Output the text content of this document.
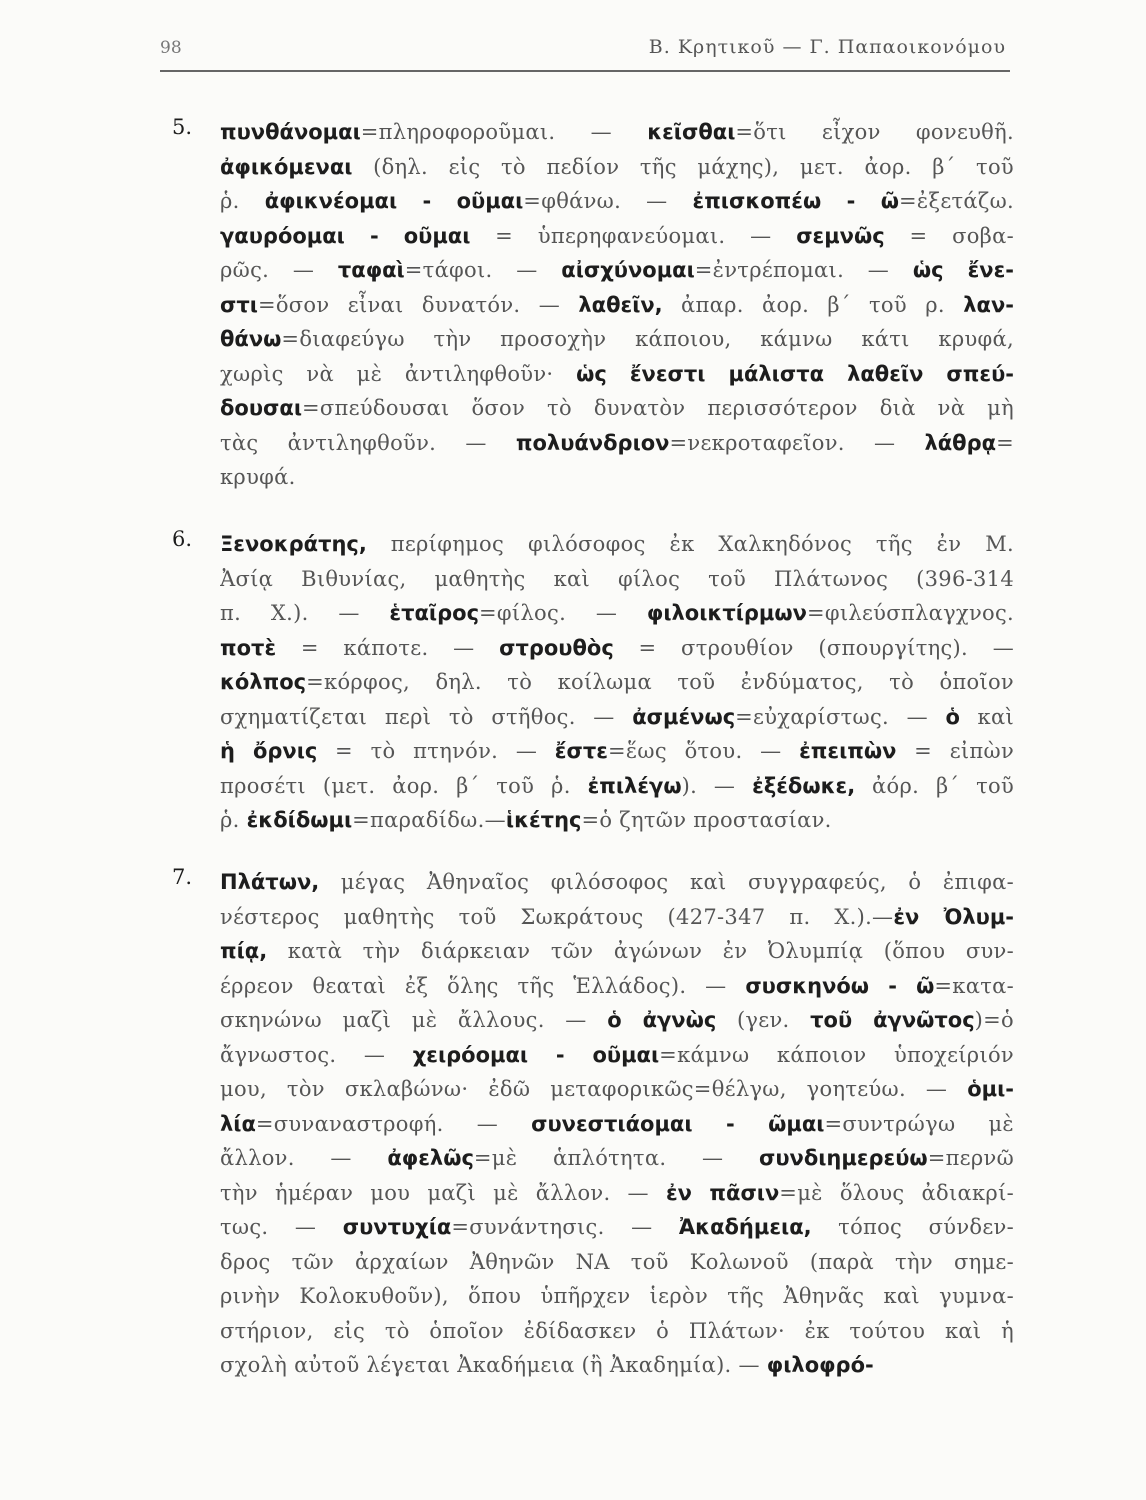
98	Β. Κρητικοῦ — Γ. Παπαοικονόμου
5. πυνθάνομαι=πληροφοροῦμαι. — κεῖσθαι=ὅτι εἶχον φονευθῆ.
ἀφικόμεναι (δηλ. εἰς τὸ πεδίον τῆς μάχης), μετ. ἀορ. β΄ τοῦ
ῥ. ἀφικνέομαι - οῦμαι=φθάνω. — ἐπισκοπέω - ῶ=ἐξετάζω.
γαυρόομαι - οῦμαι = ὑπερηφανεύομαι. — σεμνῶς = σοβα-
ρῶς. — ταφαὶ=τάφοι. — αἰσχύνομαι=ἐντρέπομαι. — ὡς ἔνε-
στι=ὅσον εἶναι δυνατόν. — λαθεῖν, ἀπαρ. ἀορ. β΄ τοῦ ρ. λαν-
θάνω=διαφεύγω τὴν προσοχὴν κάποιου, κάμνω κάτι κρυφά,
χωρὶς νὰ μὲ ἀντιληφθοῦν· ὡς ἔνεστι μάλιστα λαθεῖν σπεύ-
δουσαι=σπεύδουσαι ὅσον τὸ δυνατὸν περισσότερον διὰ νὰ μὴ
τὰς ἀντιληφθοῦν. — πολυάνδριον=νεκροταφεῖον. — λάθρᾳ=
κρυφά.
6. Ξενοκράτης, περίφημος φιλόσοφος ἐκ Χαλκηδόνος τῆς ἐν Μ.
Ἀσίᾳ Βιθυνίας, μαθητὴς καὶ φίλος τοῦ Πλάτωνος (396-314
π. Χ.). — ἑταῖρος=φίλος. — φιλοικτίρμων=φιλεύσπλαγχνος.
ποτὲ = κάποτε. — στρουθὸς = στρουθίον (σπουργίτης). —
κόλπος=κόρφος, δηλ. τὸ κοίλωμα τοῦ ἐνδύματος, τὸ ὁποῖον
σχηματίζεται περὶ τὸ στῆθος. — ἀσμένως=εὐχαρίστως. — ὁ καὶ
ἡ ὄρνις = τὸ πτηνόν. — ἔστε=ἕως ὅτου. — ἐπειπὼν = εἰπὼν
προσέτι (μετ. ἀορ. β΄ τοῦ ῥ. ἐπιλέγω). — ἐξέδωκε, ἀόρ. β΄ τοῦ
ῥ. ἐκδίδωμι=παραδίδω.—ἱκέτης=ὁ ζητῶν προστασίαν.
7. Πλάτων, μέγας Ἀθηναῖος φιλόσοφος καὶ συγγραφεύς, ὁ ἐπιφα-
νέστερος μαθητὴς τοῦ Σωκράτους (427-347 π. Χ.).—ἐν Ὀλυμ-
πίᾳ, κατὰ τὴν διάρκειαν τῶν ἀγώνων ἐν Ὀλυμπίᾳ (ὅπου συν-
έρρεον θεαταὶ ἐξ ὅλης τῆς Ἑλλάδος). — συσκηνόω - ῶ=κατα-
σκηνώνω μαζὶ μὲ ἄλλους. — ὁ ἀγνὼς (γεν. τοῦ ἀγνῶτος)=ὁ
ἄγνωστος. — χειρόομαι - οῦμαι=κάμνω κάποιον ὑποχείριόν
μου, τὸν σκλαβώνω· ἐδῶ μεταφορικῶς=θέλγω, γοητεύω. — ὁμι-
λία=συναναστροφή. — συνεστιάομαι - ῶμαι=συντρώγω μὲ
ἄλλον. — ἀφελῶς=μὲ ἁπλότητα. — συνδιημερεύω=περνῶ
τὴν ἡμέραν μου μαζὶ μὲ ἄλλον. — ἐν πᾶσιν=μὲ ὅλους ἀδιακρί-
τως. — συντυχία=συνάντησις. — Ἀκαδήμεια, τόπος σύνδεν-
δρος τῶν ἀρχαίων Ἀθηνῶν ΝΑ τοῦ Κολωνοῦ (παρὰ τὴν σημε-
ρινὴν Κολοκυθοῦν), ὅπου ὑπῆρχεν ἱερὸν τῆς Ἀθηνᾶς καὶ γυμνα-
στήριον, εἰς τὸ ὁποῖον ἐδίδασκεν ὁ Πλάτων· ἐκ τούτου καὶ ἡ
σχολὴ αὐτοῦ λέγεται Ἀκαδήμεια (ἢ Ἀκαδημία). — φιλοφρό-
